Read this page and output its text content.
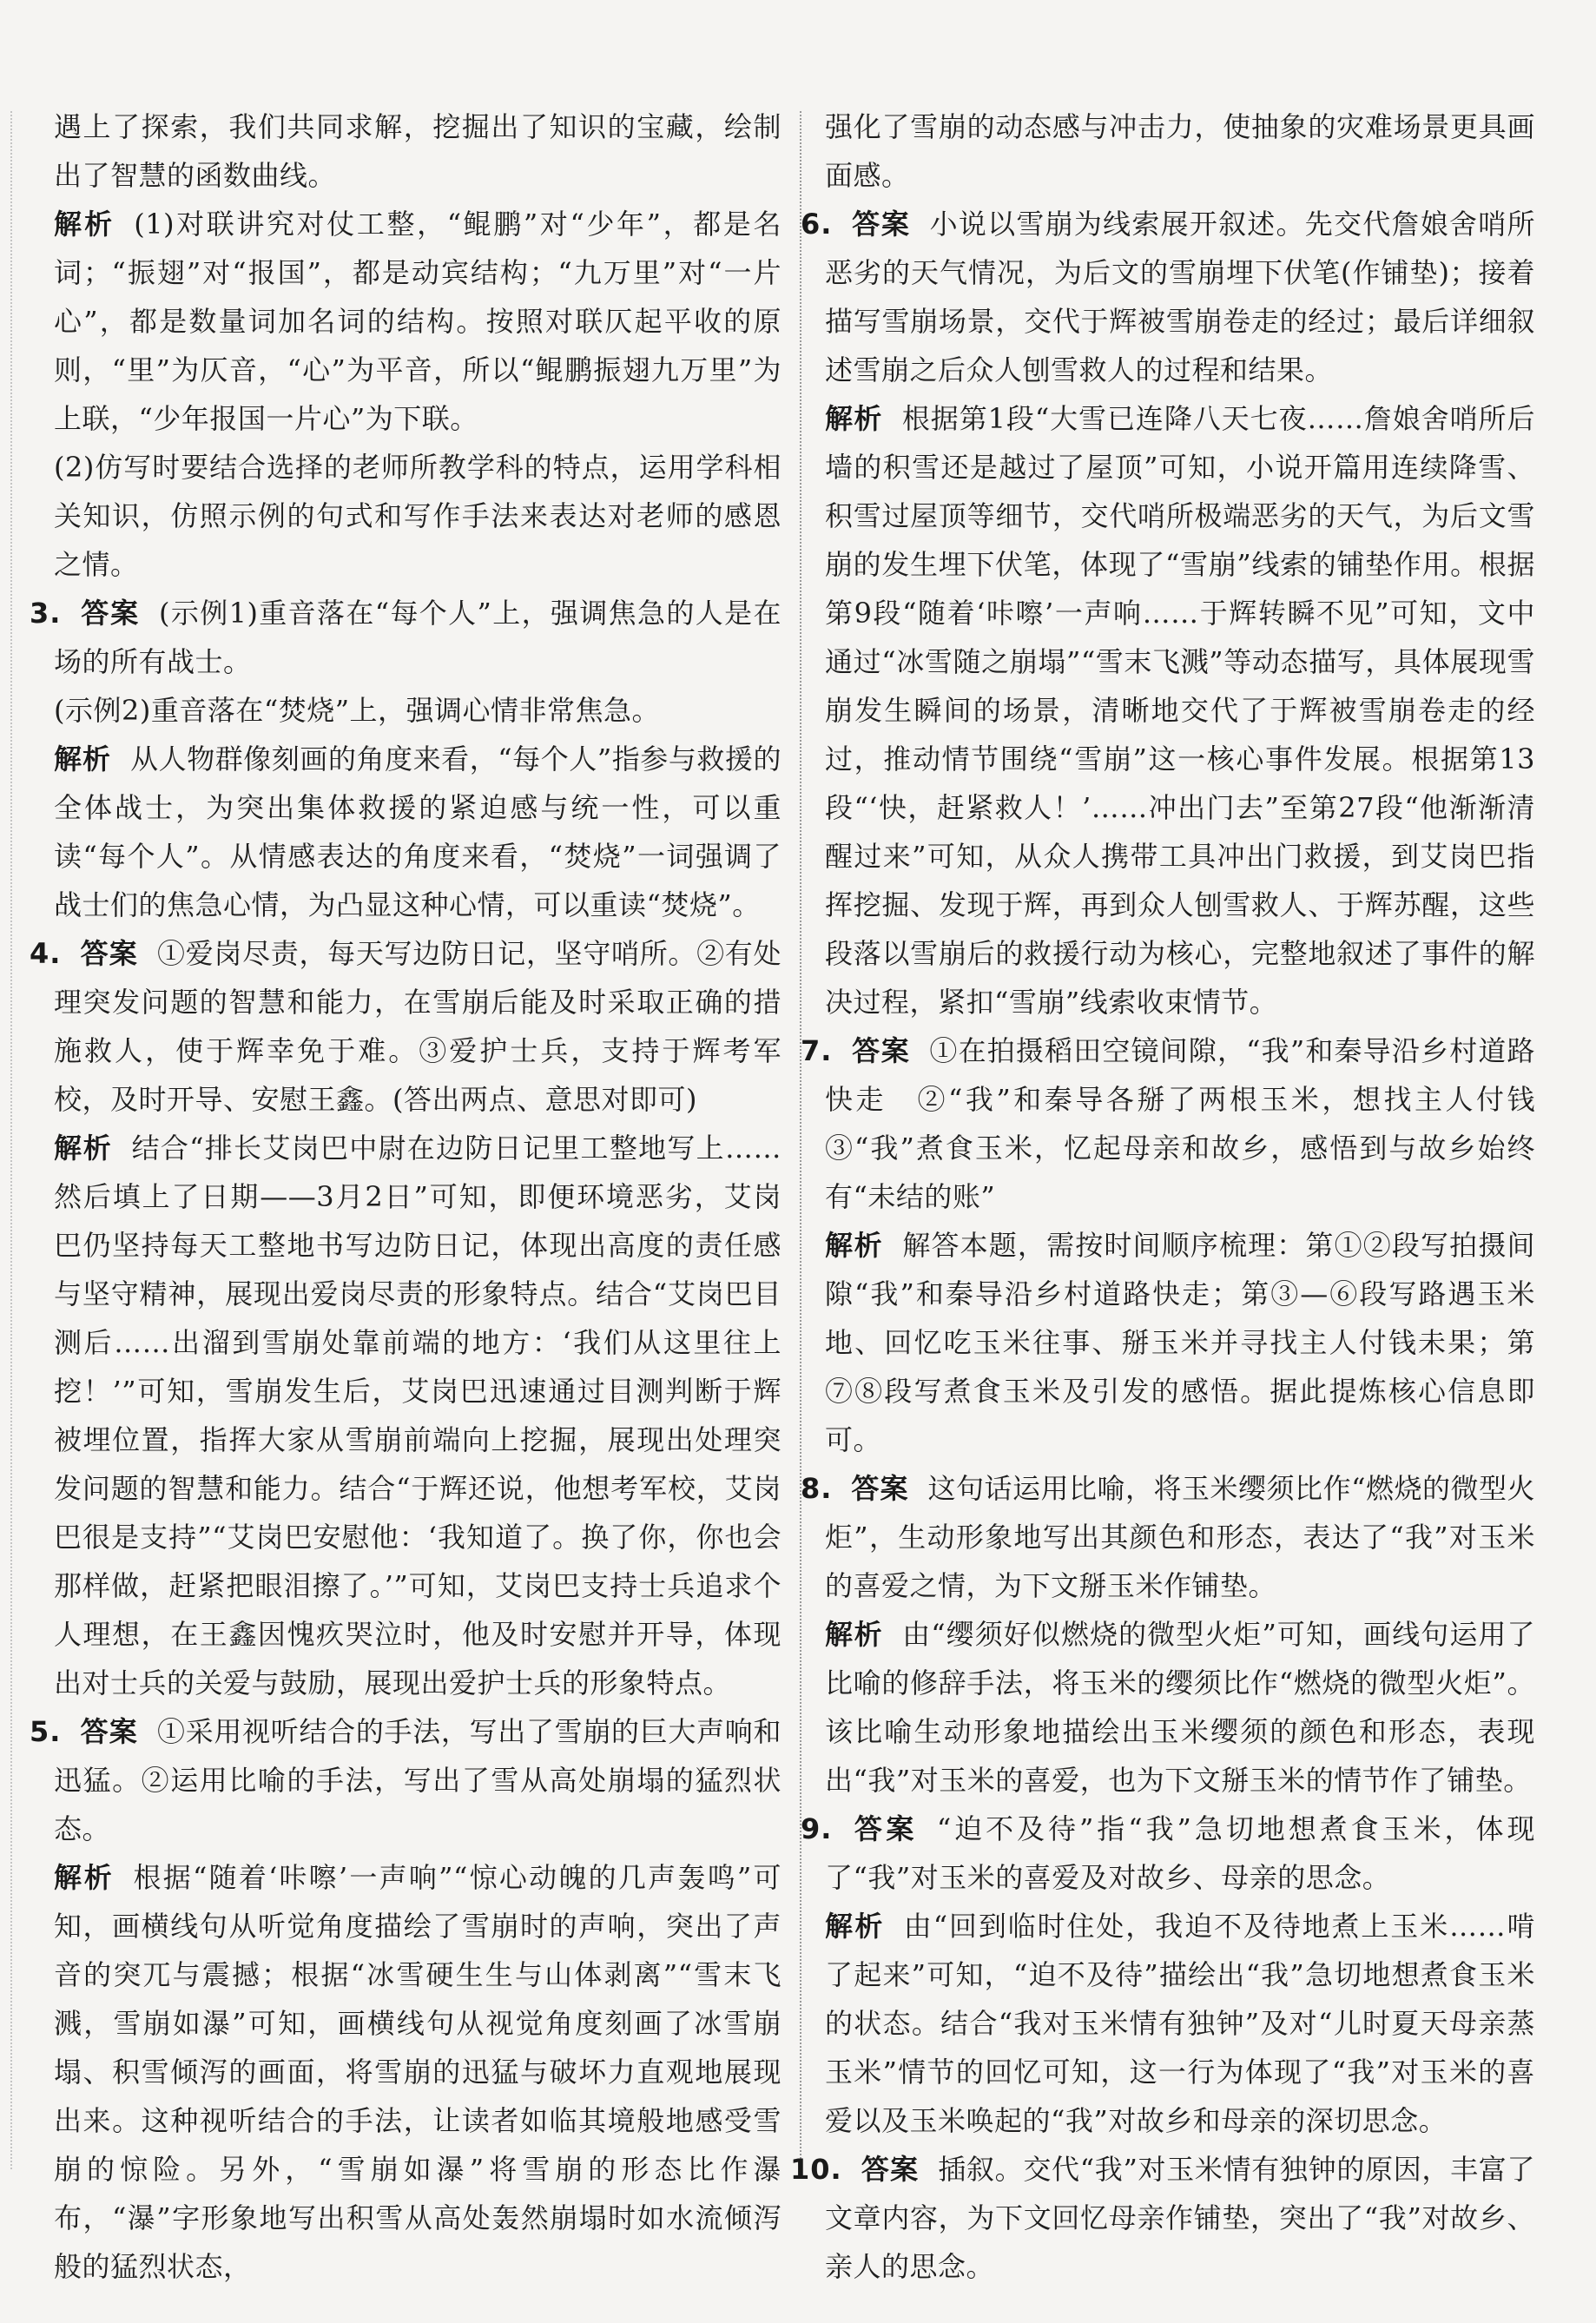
遇上了探索，我们共同求解，挖掘出了知识的宝藏，绘制出了智慧的函数曲线。

解析 (1)对联讲究对仗工整，“鲲鹏”对“少年”，都是名词；“振翅”对“报国”，都是动宾结构；“九万里”对“一片心”，都是数量词加名词的结构。按照对联仄起平收的原则，“里”为仄音，“心”为平音，所以“鲲鹏振翅九万里”为上联，“少年报国一片心”为下联。

(2)仿写时要结合选择的老师所教学科的特点，运用学科相关知识，仿照示例的句式和写作手法来表达对老师的感恩之情。

3. 答案 (示例1)重音落在“每个人”上，强调焦急的人是在场的所有战士。

(示例2)重音落在“焚烧”上，强调心情非常焦急。

解析 从人物群像刻画的角度来看，“每个人”指参与救援的全体战士，为突出集体救援的紧迫感与统一性，可以重读“每个人”。从情感表达的角度来看，“焚烧”一词强调了战士们的焦急心情，为凸显这种心情，可以重读“焚烧”。

4. 答案 ①爱岗尽责，每天写边防日记，坚守哨所。②有处理突发问题的智慧和能力，在雪崩后能及时采取正确的措施救人，使于辉幸免于难。③爱护士兵，支持于辉考军校，及时开导、安慰王鑫。(答出两点、意思对即可)

解析 结合“排长艾岗巴中尉在边防日记里工整地写上……然后填上了日期——3月2日”可知，即便环境恶劣，艾岗巴仍坚持每天工整地书写边防日记，体现出高度的责任感与坚守精神，展现出爱岗尽责的形象特点。结合“艾岗巴目测后……出溜到雪崩处靠前端的地方：‘我们从这里往上挖！’”可知，雪崩发生后，艾岗巴迅速通过目测判断于辉被埋位置，指挥大家从雪崩前端向上挖掘，展现出处理突发问题的智慧和能力。结合“于辉还说，他想考军校，艾岗巴很是支持”“艾岗巴安慰他：‘我知道了。换了你，你也会那样做，赶紧把眼泪擦了。’”可知，艾岗巴支持士兵追求个人理想，在王鑫因愧疚哭泣时，他及时安慰并开导，体现出对士兵的关爱与鼓励，展现出爱护士兵的形象特点。

5. 答案 ①采用视听结合的手法，写出了雪崩的巨大声响和迅猛。②运用比喻的手法，写出了雪从高处崩塌的猛烈状态。

解析 根据“随着‘咔嚓’一声响”“惊心动魄的几声轰鸣”可知，画横线句从听觉角度描绘了雪崩时的声响，突出了声音的突兀与震撼；根据“冰雪硬生生与山体剥离”“雪末飞溅，雪崩如瀑”可知，画横线句从视觉角度刻画了冰雪崩塌、积雪倾泻的画面，将雪崩的迅猛与破坏力直观地展现出来。这种视听结合的手法，让读者如临其境般地感受雪崩的惊险。另外，“雪崩如瀑”将雪崩的形态比作瀑布，“瀑”字形象地写出积雪从高处轰然崩塌时如水流倾泻般的猛烈状态，

强化了雪崩的动态感与冲击力，使抽象的灾难场景更具画面感。

6. 答案 小说以雪崩为线索展开叙述。先交代詹娘舍哨所恶劣的天气情况，为后文的雪崩埋下伏笔(作铺垫)；接着描写雪崩场景，交代于辉被雪崩卷走的经过；最后详细叙述雪崩之后众人刨雪救人的过程和结果。

解析 根据第1段“大雪已连降八天七夜……詹娘舍哨所后墙的积雪还是越过了屋顶”可知，小说开篇用连续降雪、积雪过屋顶等细节，交代哨所极端恶劣的天气，为后文雪崩的发生埋下伏笔，体现了“雪崩”线索的铺垫作用。根据第9段“随着‘咔嚓’一声响……于辉转瞬不见”可知，文中通过“冰雪随之崩塌”“雪末飞溅”等动态描写，具体展现雪崩发生瞬间的场景，清晰地交代了于辉被雪崩卷走的经过，推动情节围绕“雪崩”这一核心事件发展。根据第13段“‘快，赶紧救人！’……冲出门去”至第27段“他渐渐清醒过来”可知，从众人携带工具冲出门救援，到艾岗巴指挥挖掘、发现于辉，再到众人刨雪救人、于辉苏醒，这些段落以雪崩后的救援行动为核心，完整地叙述了事件的解决过程，紧扣“雪崩”线索收束情节。

7. 答案 ①在拍摄稻田空镜间隙，“我”和秦导沿乡村道路快走　②“我”和秦导各掰了两根玉米，想找主人付钱　③“我”煮食玉米，忆起母亲和故乡，感悟到与故乡始终有“未结的账”

解析 解答本题，需按时间顺序梳理：第①②段写拍摄间隙“我”和秦导沿乡村道路快走；第③—⑥段写路遇玉米地、回忆吃玉米往事、掰玉米并寻找主人付钱未果；第⑦⑧段写煮食玉米及引发的感悟。据此提炼核心信息即可。

8. 答案 这句话运用比喻，将玉米缨须比作“燃烧的微型火炬”，生动形象地写出其颜色和形态，表达了“我”对玉米的喜爱之情，为下文掰玉米作铺垫。

解析 由“缨须好似燃烧的微型火炬”可知，画线句运用了比喻的修辞手法，将玉米的缨须比作“燃烧的微型火炬”。该比喻生动形象地描绘出玉米缨须的颜色和形态，表现出“我”对玉米的喜爱，也为下文掰玉米的情节作了铺垫。

9. 答案 “迫不及待”指“我”急切地想煮食玉米，体现了“我”对玉米的喜爱及对故乡、母亲的思念。

解析 由“回到临时住处，我迫不及待地煮上玉米……啃了起来”可知，“迫不及待”描绘出“我”急切地想煮食玉米的状态。结合“我对玉米情有独钟”及对“儿时夏天母亲蒸玉米”情节的回忆可知，这一行为体现了“我”对玉米的喜爱以及玉米唤起的“我”对故乡和母亲的深切思念。

10. 答案 插叙。交代“我”对玉米情有独钟的原因，丰富了文章内容，为下文回忆母亲作铺垫，突出了“我”对故乡、亲人的思念。
